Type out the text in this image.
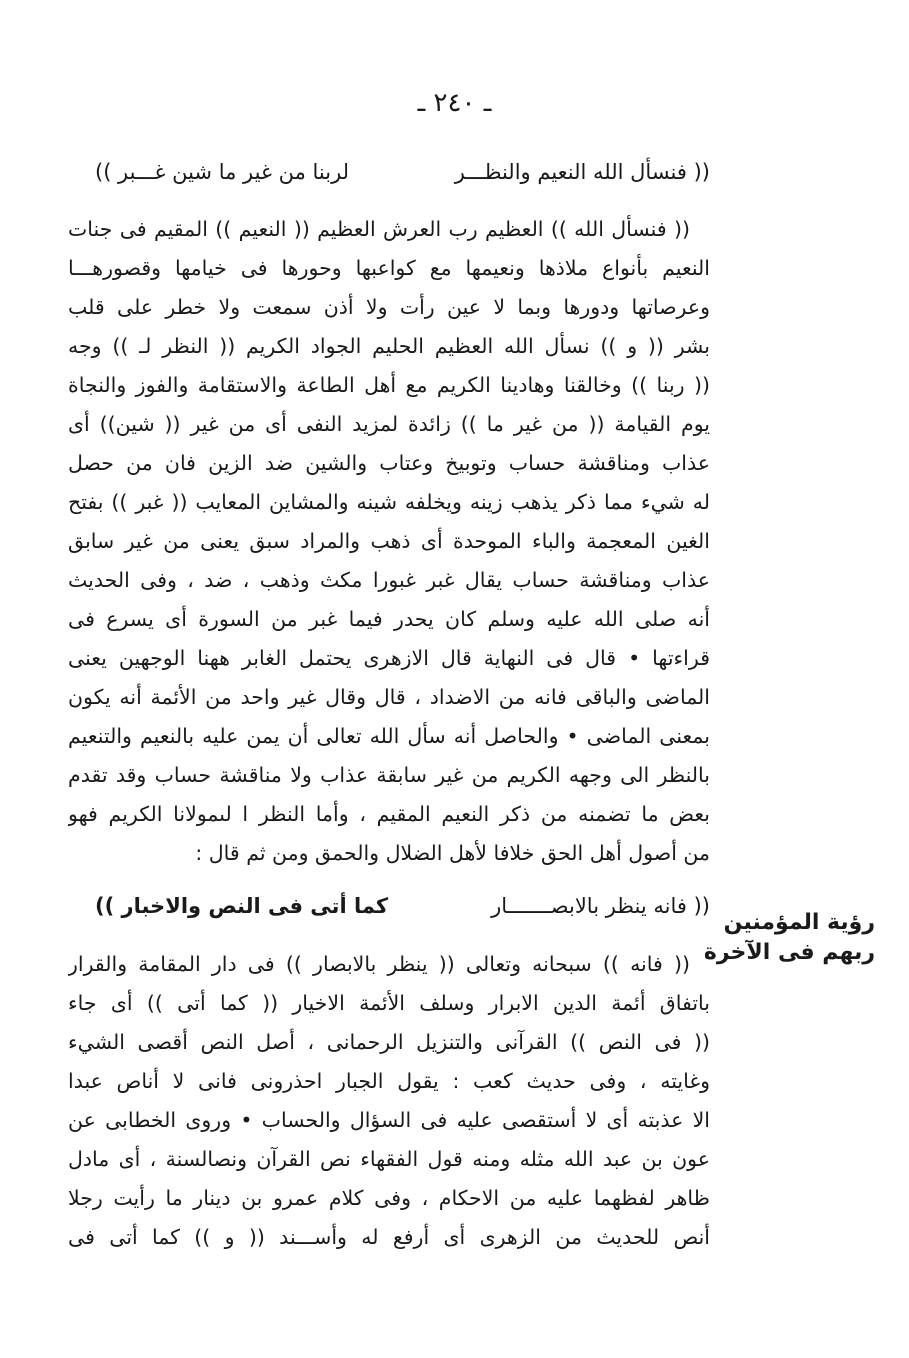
ـ ٢٤٠ ـ
(( فنسأل الله النعيم والنظـــر
لربنا من غير ما شين غـــبر ))
(( فنسأل الله )) العظيم رب العرش العظيم (( النعيم )) المقيم فى جنات
النعيم بأنواع ملاذها ونعيمها مع كواعبها وحورها فى خيامها وقصورهـــا
وعرصاتها ودورها وبما لا عين رأت ولا أذن سمعت ولا خطر على قلب
بشر (( و )) نسأل الله العظيم الحليم الجواد الكريم (( النظر لـ )) وجه
(( ربنا )) وخالقنا وهادينا الكريم مع أهل الطاعة والاستقامة والفوز والنجاة
يوم القيامة (( من غير ما )) زائدة لمزيد النفى أى من غير (( شين)) أى
عذاب ومناقشة حساب وتوبيخ وعتاب والشين ضد الزين فان من حصل
له شيء مما ذكر يذهب زينه ويخلفه شينه والمشاين المعايب (( غبر )) بفتح
الغين المعجمة والباء الموحدة أى ذهب والمراد سبق يعنى من غير سابق
عذاب ومناقشة حساب يقال غبر غبورا مكث وذهب ، ضد ، وفى الحديث
أنه صلى الله عليه وسلم كان يحدر فيما غبر من السورة أى يسرع فى
قراءتها • قال فى النهاية قال الازهرى يحتمل الغابر ههنا الوجهين يعنى
الماضى والباقى فانه من الاضداد ، قال وقال غير واحد من الأئمة أنه يكون
بمعنى الماضى • والحاصل أنه سأل الله تعالى أن يمن عليه بالنعيم والتنعيم
بالنظر الى وجهه الكريم من غير سابقة عذاب ولا مناقشة حساب وقد تقدم
بعض ما تضمنه من ذكر النعيم المقيم ، وأما النظر ا لىمولانا الكريم فهو
من أصول أهل الحق خلافا لأهل الضلال والحمق ومن ثم قال :
(( فانه ينظر بالابصـــــــار
كما أتى فى النص والاخبار ))
رؤية المؤمنين
ربهم فى الآخرة
(( فانه )) سبحانه وتعالى (( ينظر بالابصار )) فى دار المقامة والقرار
باتفاق أئمة الدين الابرار وسلف الأئمة الاخيار (( كما أتى )) أى جاء
(( فى النص )) القرآنى والتنزيل الرحمانى ، أصل النص أقصى الشيء
وغايته ، وفى حديث كعب : يقول الجبار احذرونى فانى لا أناص عبدا
الا عذبته أى لا أستقصى عليه فى السؤال والحساب • وروى الخطابى عن
عون بن عبد الله مثله ومنه قول الفقهاء نص القرآن ونصالسنة ، أى مادل
ظاهر لفظهما عليه من الاحكام ، وفى كلام عمرو بن دينار ما رأيت رجلا
أنص للحديث من الزهرى أى أرفع له وأســـند (( و )) كما أتى فى
